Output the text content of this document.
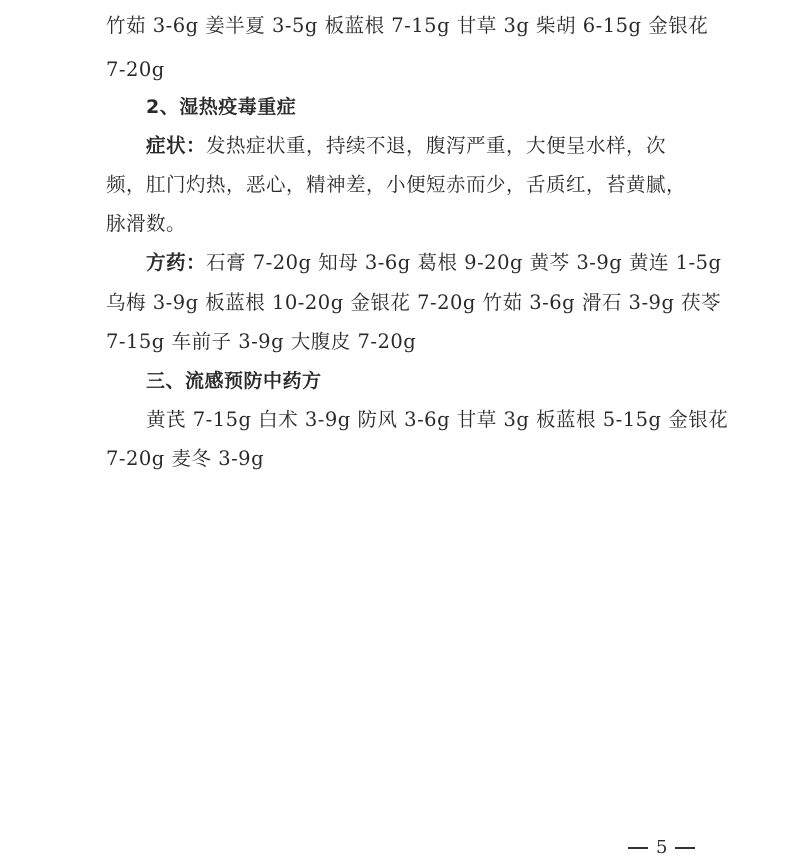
竹茹 3-6g 姜半夏 3-5g 板蓝根 7-15g 甘草 3g 柴胡 6-15g 金银花
7-20g
2、湿热疫毒重症
症状：发热症状重，持续不退，腹泻严重，大便呈水样，次
频，肛门灼热，恶心，精神差，小便短赤而少，舌质红，苔黄腻，
脉滑数。
方药：石膏 7-20g 知母 3-6g 葛根 9-20g 黄芩 3-9g 黄连 1-5g
乌梅 3-9g 板蓝根 10-20g 金银花 7-20g 竹茹 3-6g 滑石 3-9g 茯苓
7-15g 车前子 3-9g 大腹皮 7-20g
三、流感预防中药方
黄芪 7-15g 白术 3-9g 防风 3-6g 甘草 3g 板蓝根 5-15g 金银花
7-20g 麦冬 3-9g
5
